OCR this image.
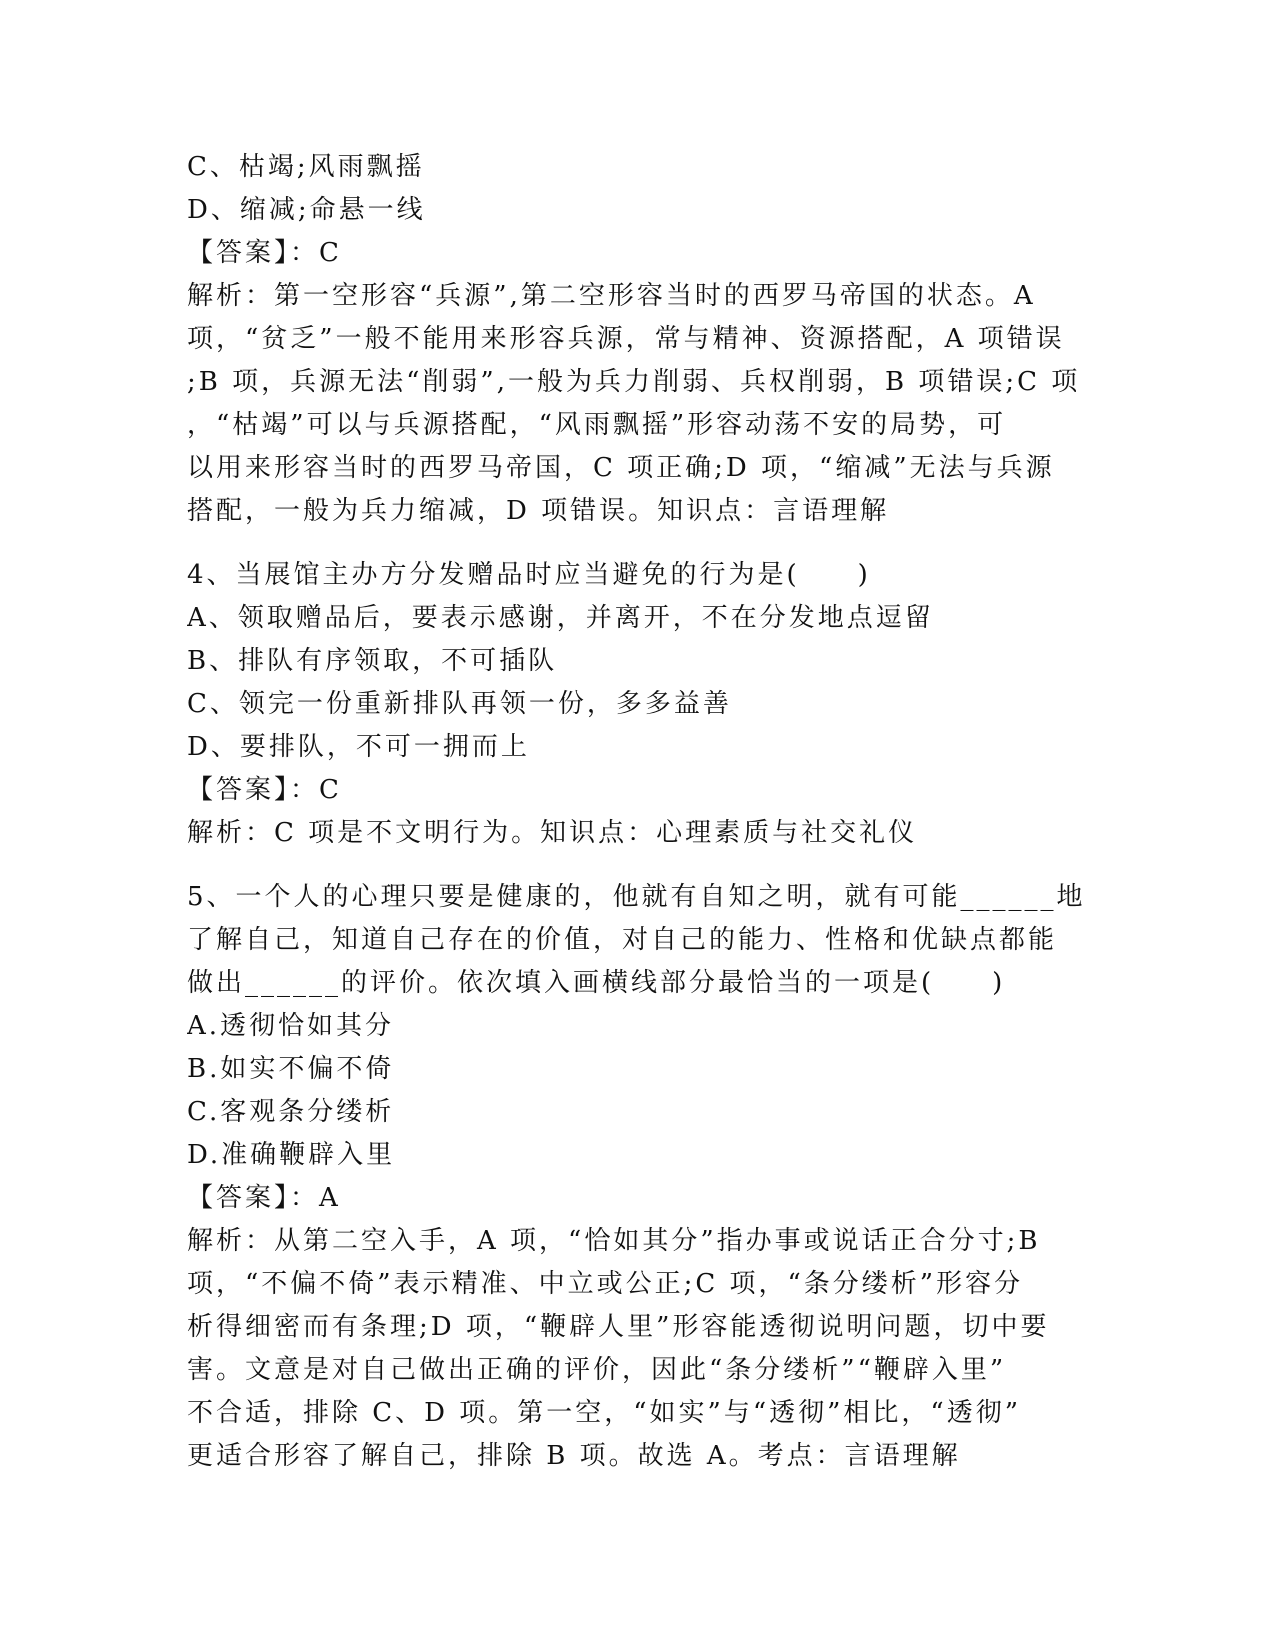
C、枯竭;风雨飘摇
D、缩减;命悬一线
【答案】：C
解析：第一空形容“兵源”,第二空形容当时的西罗马帝国的状态。A
项，“贫乏”一般不能用来形容兵源，常与精神、资源搭配，A 项错误
;B 项，兵源无法“削弱”,一般为兵力削弱、兵权削弱，B 项错误;C 项
，“枯竭”可以与兵源搭配，“风雨飘摇”形容动荡不安的局势，可
以用来形容当时的西罗马帝国，C 项正确;D 项，“缩减”无法与兵源
搭配，一般为兵力缩减，D 项错误。知识点：言语理解
4、当展馆主办方分发赠品时应当避免的行为是(　　)
A、领取赠品后，要表示感谢，并离开，不在分发地点逗留
B、排队有序领取，不可插队
C、领完一份重新排队再领一份，多多益善
D、要排队，不可一拥而上
【答案】：C
解析：C 项是不文明行为。知识点：心理素质与社交礼仪
5、一个人的心理只要是健康的，他就有自知之明，就有可能______地
了解自己，知道自己存在的价值，对自己的能力、性格和优缺点都能
做出______的评价。依次填入画横线部分最恰当的一项是(　　)
A.透彻恰如其分
B.如实不偏不倚
C.客观条分缕析
D.准确鞭辟入里
【答案】：A
解析：从第二空入手，A 项，“恰如其分”指办事或说话正合分寸;B
项，“不偏不倚”表示精准、中立或公正;C 项，“条分缕析”形容分
析得细密而有条理;D 项，“鞭辟人里”形容能透彻说明问题，切中要
害。文意是对自己做出正确的评价，因此“条分缕析”“鞭辟入里”
不合适，排除 C、D 项。第一空，“如实”与“透彻”相比，“透彻”
更适合形容了解自己，排除 B 项。故选 A。考点：言语理解
